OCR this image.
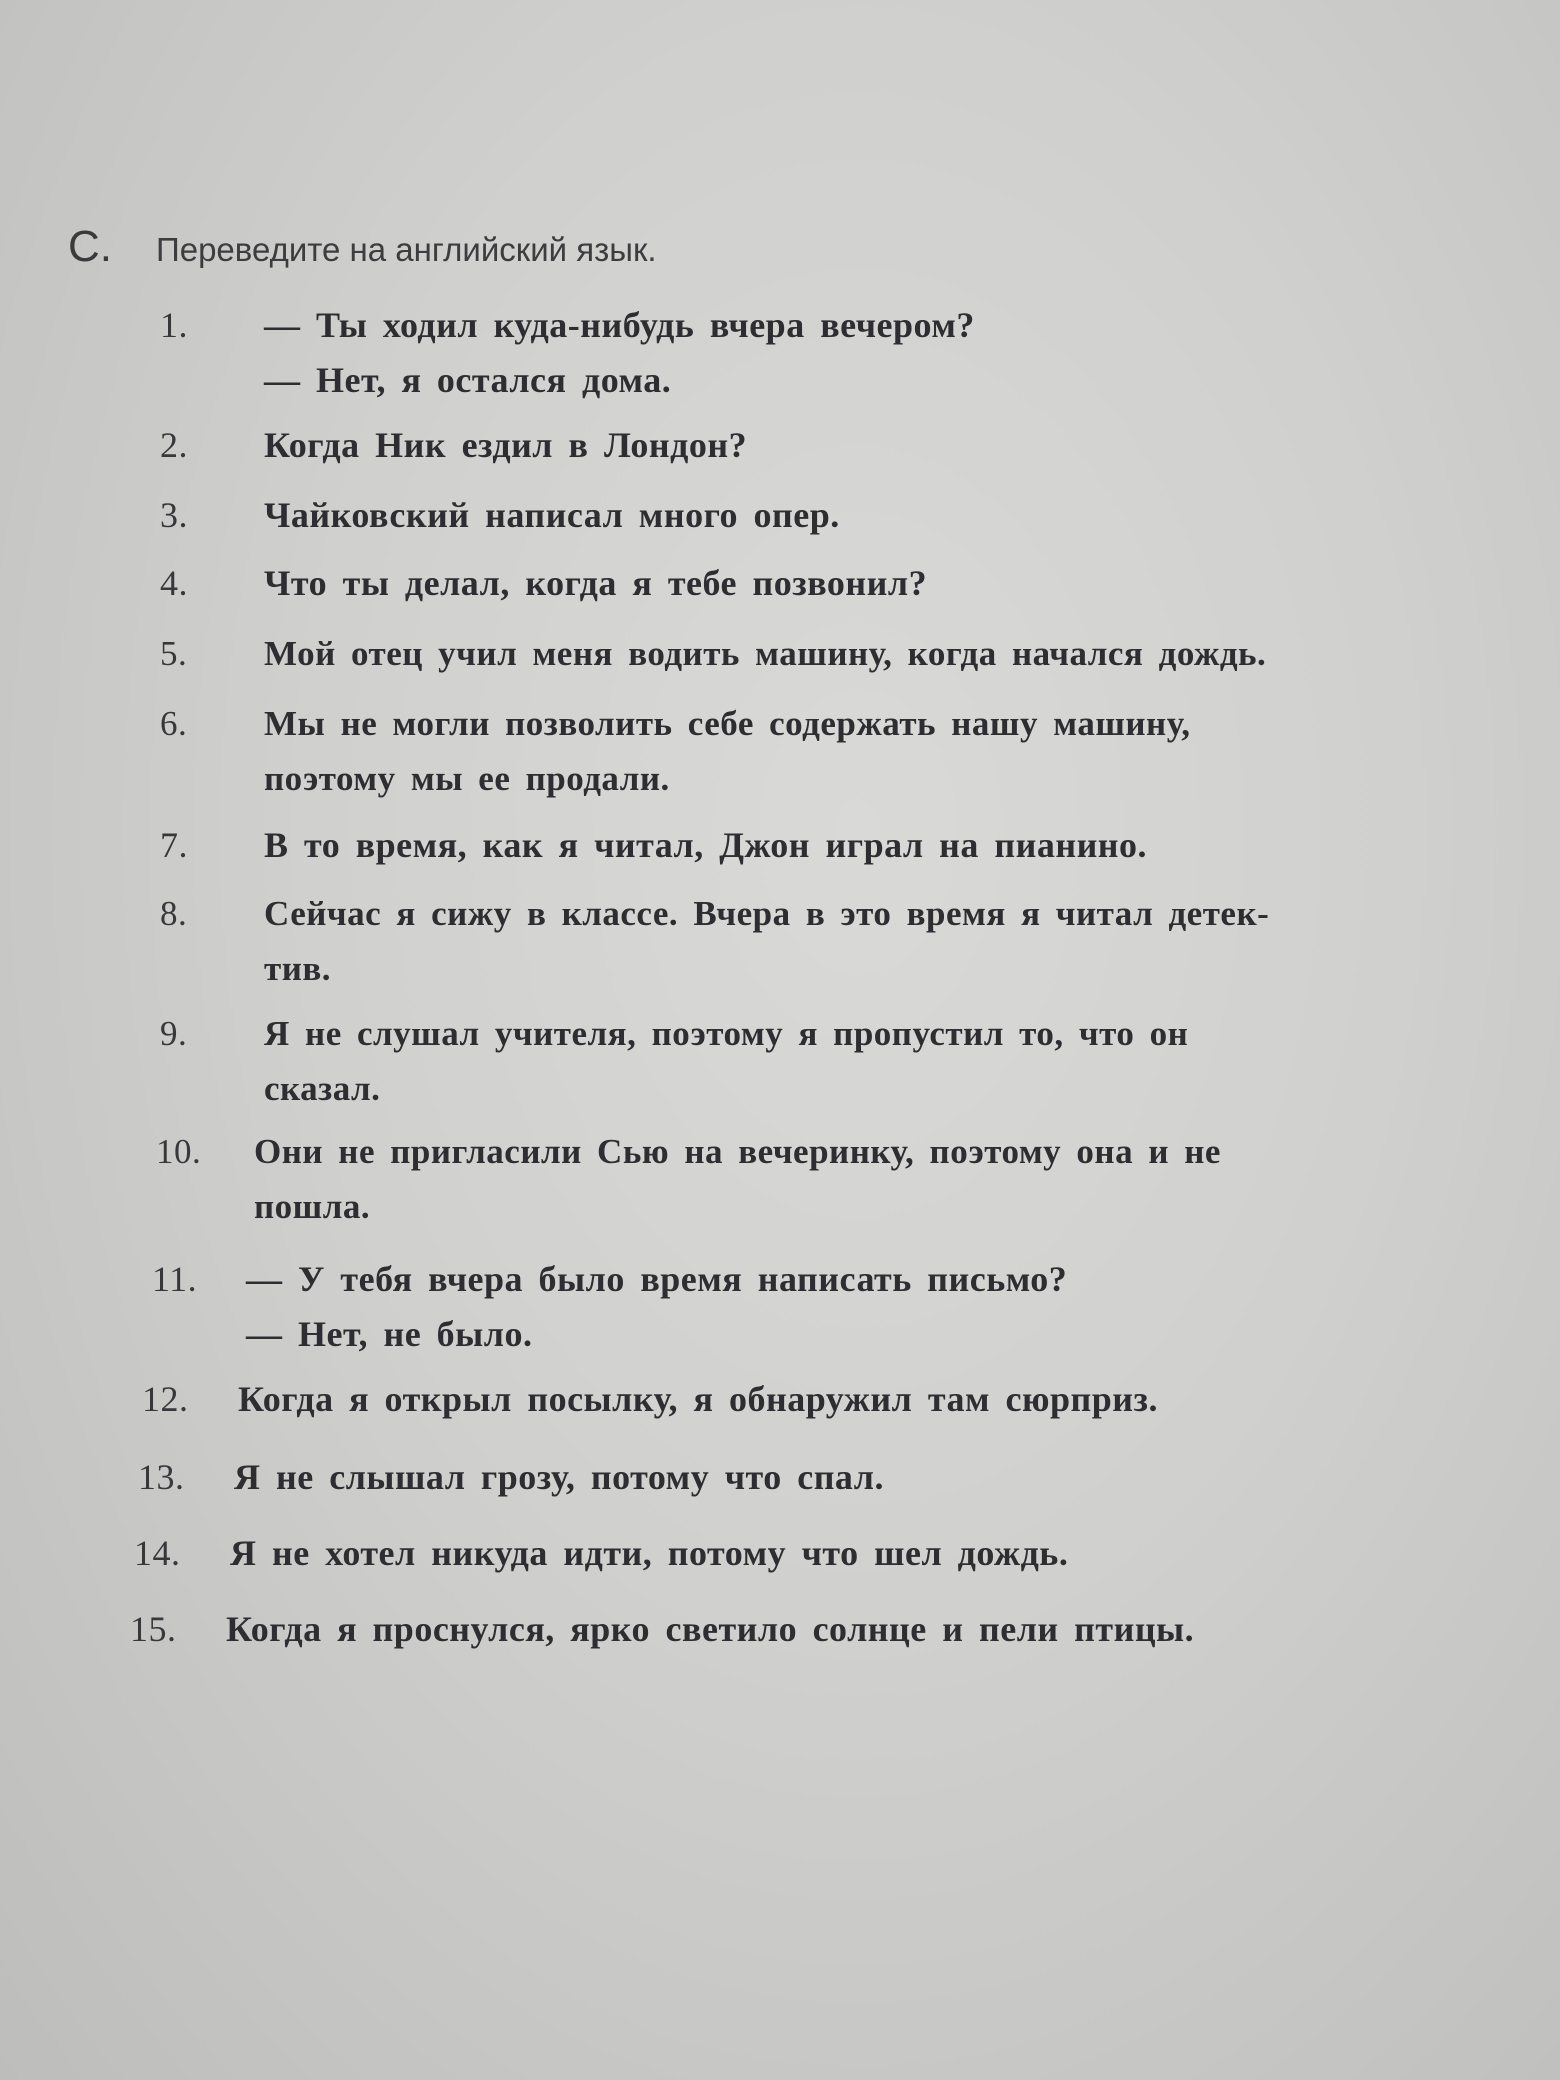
C.	Переведите на английский язык.
1.	— Ты ходил куда-нибудь вчера вечером?
— Нет, я остался дома.
2.	Когда Ник ездил в Лондон?
3.	Чайковский написал много опер.
4.	Что ты делал, когда я тебе позвонил?
5.	Мой отец учил меня водить машину, когда начался дождь.
6.	Мы не могли позволить себе содержать нашу машину,
поэтому мы ее продали.
7.	В то время, как я читал, Джон играл на пианино.
8.	Сейчас я сижу в классе. Вчера в это время я читал детек-
тив.
9.	Я не слушал учителя, поэтому я пропустил то, что он
сказал.
10.	Они не пригласили Сью на вечеринку, поэтому она и не
пошла.
11.	— У тебя вчера было время написать письмо?
— Нет, не было.
12.	Когда я открыл посылку, я обнаружил там сюрприз.
13.	Я не слышал грозу, потому что спал.
14.	Я не хотел никуда идти, потому что шел дождь.
15.	Когда я проснулся, ярко светило солнце и пели птицы.
